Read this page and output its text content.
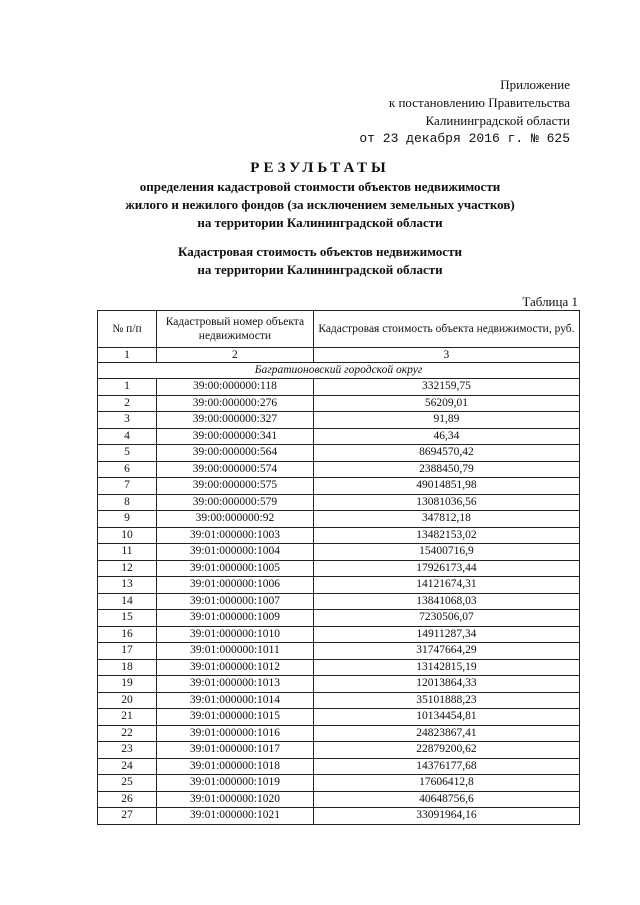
Приложение
к постановлению Правительства
Калининградской области
от 23 декабря 2016 г. № 625
РЕЗУЛЬТАТЫ
определения кадастровой стоимости объектов недвижимости
жилого и нежилого фондов (за исключением земельных участков)
на территории Калининградской области
Кадастровая стоимость объектов недвижимости
на территории Калининградской области
Таблица 1
№ п/п	Кадастровый номер объекта недвижимости	Кадастровая стоимость объекта недвижимости, руб.
1	2	3
Багратионовский городской округ		
1	39:00:000000:118	332159,75
2	39:00:000000:276	56209,01
3	39:00:000000:327	91,89
4	39:00:000000:341	46,34
5	39:00:000000:564	8694570,42
6	39:00:000000:574	2388450,79
7	39:00:000000:575	49014851,98
8	39:00:000000:579	13081036,56
9	39:00:000000:92	347812,18
10	39:01:000000:1003	13482153,02
11	39:01:000000:1004	15400716,9
12	39:01:000000:1005	17926173,44
13	39:01:000000:1006	14121674,31
14	39:01:000000:1007	13841068,03
15	39:01:000000:1009	7230506,07
16	39:01:000000:1010	14911287,34
17	39:01:000000:1011	31747664,29
18	39:01:000000:1012	13142815,19
19	39:01:000000:1013	12013864,33
20	39:01:000000:1014	35101888,23
21	39:01:000000:1015	10134454,81
22	39:01:000000:1016	24823867,41
23	39:01:000000:1017	22879200,62
24	39:01:000000:1018	14376177,68
25	39:01:000000:1019	17606412,8
26	39:01:000000:1020	40648756,6
27	39:01:000000:1021	33091964,16
